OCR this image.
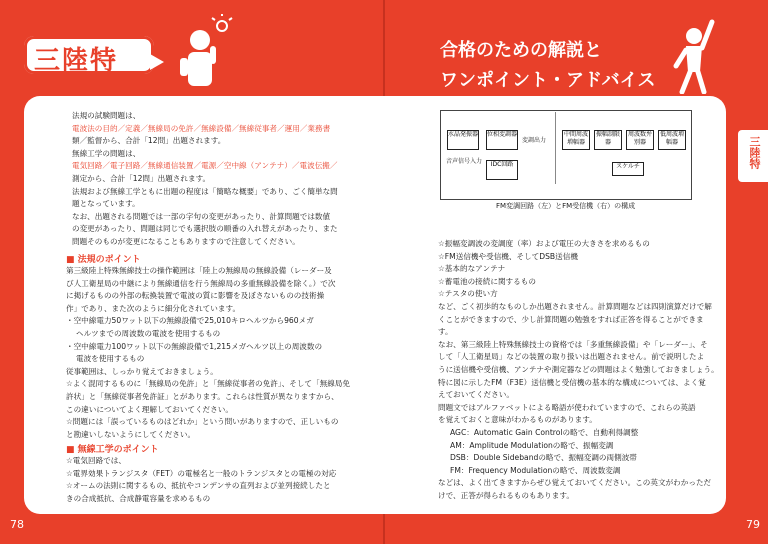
三陸特	合格のための解説と
ワンポイント・アドバイス
三陸特
法規の試験問題は、
電波法の目的／定義／無線局の免許／無線設備／無線従事者／運用／業務書
類／監督から、合計「12問」出題されます。
無線工学の問題は、
電気回路／電子回路／無線通信装置／電源／空中線（アンテナ）／電波伝搬／
測定から、合計「12問」出題されます。
法規および無線工学ともに出題の程度は「簡略な概要」であり、ごく簡単な問
題となっています。
なお、出題される問題では一部の字句の変更があったり、計算問題では数値
の変更があったり、問題は同じでも選択肢の順番の入れ替えがあったり、また
問題そのものが変更になることもありますので注意してください。
■ 法規のポイント
第三級陸上特殊無線技士の操作範囲は「陸上の無線局の無線設備（レーダー及
び人工衛星局の中継により無線通信を行う無線局の多重無線設備を除く。）で次
に掲げるものの外部の転換装置で電波の質に影響を及ぼさないものの技術操
作」であり、また次のように細分化されています。
・空中線電力50ワット以下の無線設備で25,010キロヘルツから960メガ
ヘルツまでの周波数の電波を使用するもの
・空中線電力100ワット以下の無線設備で1,215メガヘルツ以上の周波数の
電波を使用するもの
従事範囲は、しっかり覚えておきましょう。
☆よく混同するものに「無線局の免許」と「無線従事者の免許」、そして「無線局免
許状」と「無線従事者免許証」とがあります。これらは性質が異なりますから、
この違いについてよく理解しておいてください。
☆問題には「誤っているものはどれか」という問いがありますので、正しいもの
と勘違いしないようにしてください。
■ 無線工学のポイント
☆電気回路では、
☆電界効果トランジスタ（FET）の電極名と一般のトランジスタとの電極の対応
☆オームの法則に関するもの、抵抗やコンデンサの直列および並列接続したと
きの合成抵抗、合成静電容量を求めるもの
78
水晶発振器 位相変調器
IDC回路
変調出力
音声信号入力
中間周波増幅器
振幅制限器
周波数弁別器
低周波増幅器
スケルチ
FM変調回路（左）とFM受信機（右）の構成
☆振幅変調波の変調度（率）および電圧の大きさを求めるもの
☆FM送信機や受信機、そしてDSB送信機
☆基本的なアンテナ
☆蓄電池の接続に関するもの
☆テスタの使い方
など、ごく初歩的なものしか出題されません。計算問題などは四則演算だけで解
くことができますので、少し計算問題の勉強をすれば正答を得ることができま
す。
なお、第三級陸上特殊無線技士の資格では「多重無線設備」や「レーダー」、そ
して「人工衛星局」などの装置の取り扱いは出題されません。前で説明したよ
うに送信機や受信機、アンテナや測定器などの問題はよく勉強しておきましょう。
特に図に示したFM（F3E）送信機と受信機の基本的な構成については、よく覚
えておいてください。
問題文ではアルファベットによる略語が使われていますので、これらの英語
を覚えておくと意味がわかるものがあります。
AGC：Automatic Gain Controlの略で、自動利得調整
AM：Amplitude Modulationの略で、振幅変調
DSB：Double Sidebandの略で、振幅変調の両側波帯
FM：Frequency Modulationの略で、周波数変調
などは、よく出てきますからぜひ覚えておいてください。この英文がわかっただ
けで、正答が得られるものもあります。
79
